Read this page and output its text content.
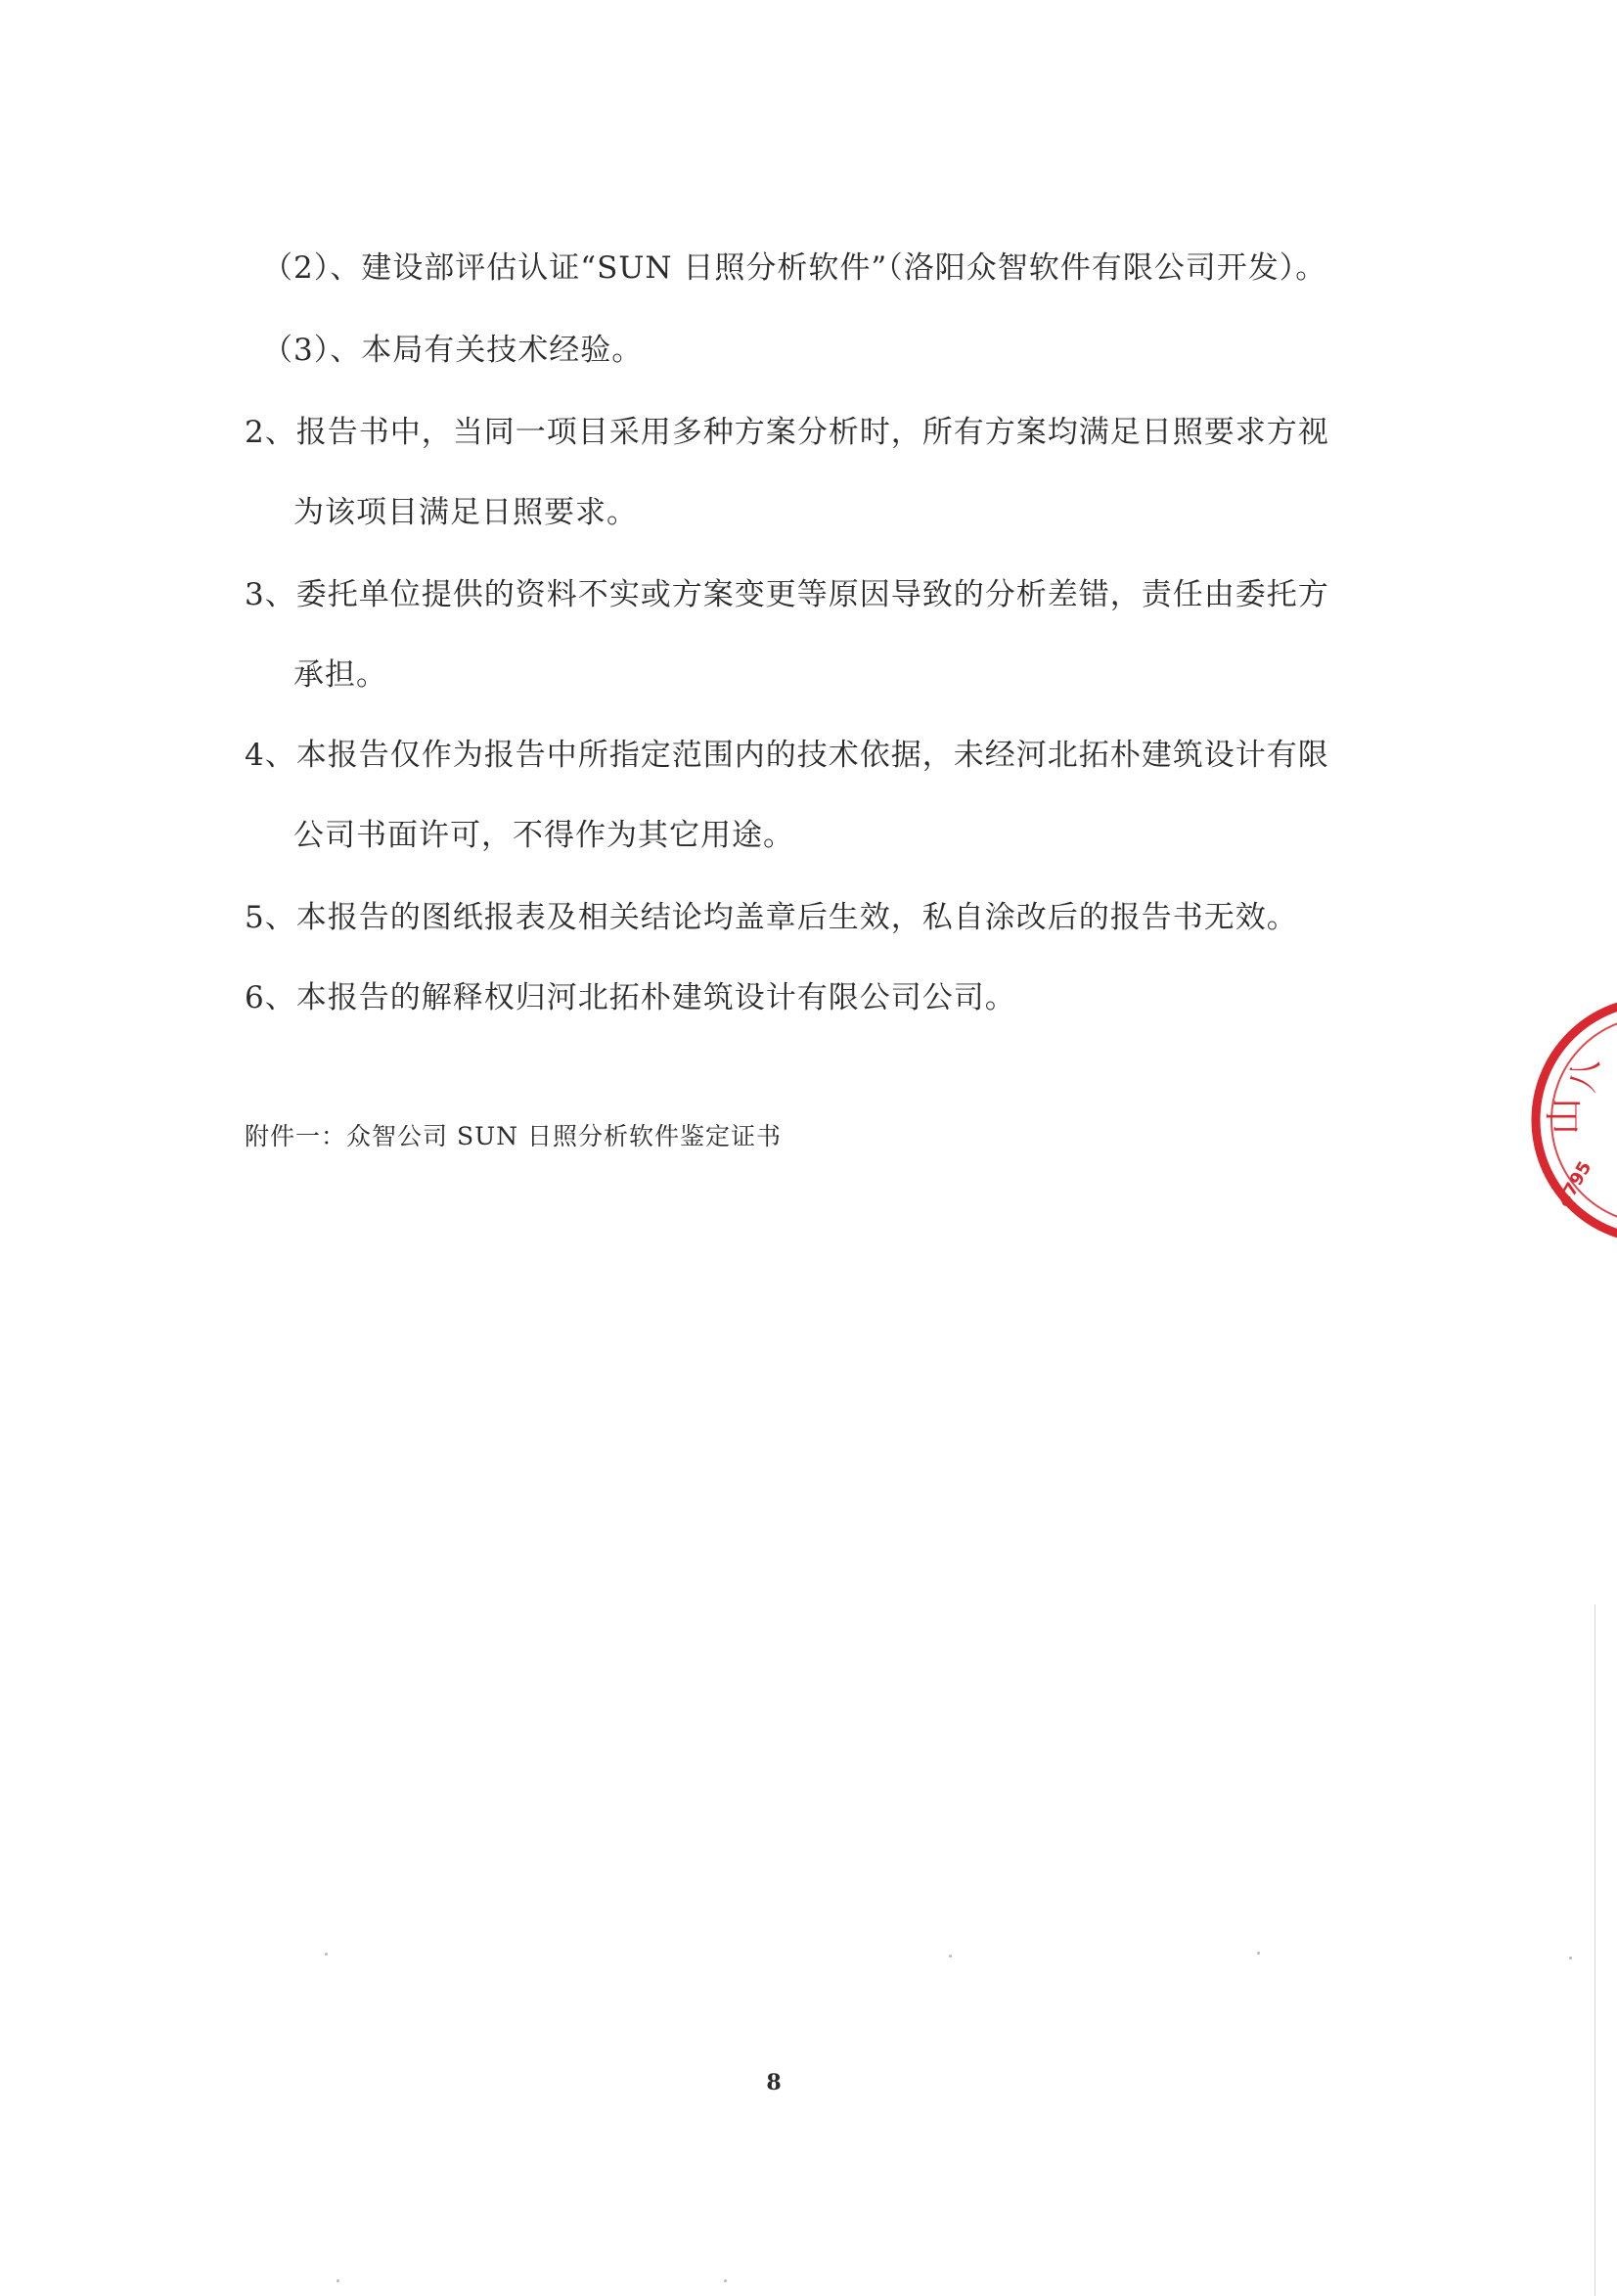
（2）、建设部评估认证“SUN 日照分析软件”（洛阳众智软件有限公司开发）。
（3）、本局有关技术经验。
2、报告书中，当同一项目采用多种方案分析时，所有方案均满足日照要求方视
为该项目满足日照要求。
3、委托单位提供的资料不实或方案变更等原因导致的分析差错，责任由委托方
承担。
4、本报告仅作为报告中所指定范围内的技术依据，未经河北拓朴建筑设计有限
公司书面许可，不得作为其它用途。
5、本报告的图纸报表及相关结论均盖章后生效，私自涂改后的报告书无效。
6、本报告的解释权归河北拓朴建筑设计有限公司公司。
附件一：众智公司 SUN 日照分析软件鉴定证书
8
八
山
4795
